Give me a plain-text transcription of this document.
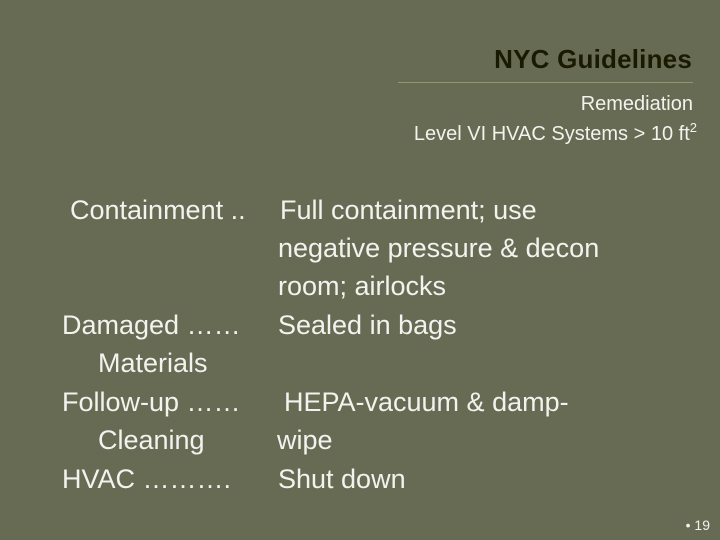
NYC Guidelines
Remediation
Level VI HVAC Systems > 10 $ft^2$
Containment .. Full containment; use
negative pressure & decon
room; airlocks
Damaged …… Sealed in bags
Materials
Follow-up …… HEPA-vacuum & damp-
Cleaning	wipe
HVAC ………. Shut down
• 19
